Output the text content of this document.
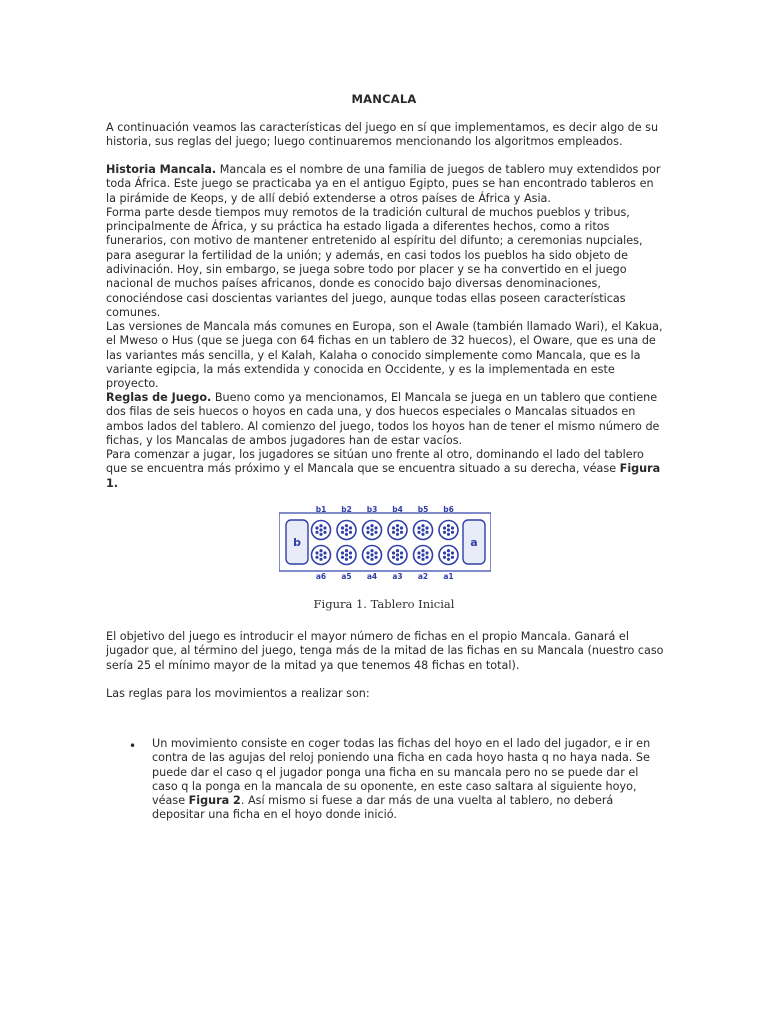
MANCALA

A continuación veamos las características del juego en sí que implementamos, es decir algo de su historia, sus reglas del juego; luego continuaremos mencionando los algoritmos empleados.

Historia Mancala. Mancala es el nombre de una familia de juegos de tablero muy extendidos por toda África. Este juego se practicaba ya en el antiguo Egipto, pues se han encontrado tableros en la pirámide de Keops, y de allí debió extenderse a otros países de África y Asia.
Forma parte desde tiempos muy remotos de la tradición cultural de muchos pueblos y tribus, principalmente de África, y su práctica ha estado ligada a diferentes hechos, como a ritos funerarios, con motivo de mantener entretenido al espíritu del difunto; a ceremonias nupciales, para asegurar la fertilidad de la unión; y además, en casi todos los pueblos ha sido objeto de adivinación. Hoy, sin embargo, se juega sobre todo por placer y se ha convertido en el juego nacional de muchos países africanos, donde es conocido bajo diversas denominaciones, conociéndose casi doscientas variantes del juego, aunque todas ellas poseen características comunes.

Las versiones de Mancala más comunes en Europa, son el Awale (también llamado Wari), el Kakua, el Mweso o Hus (que se juega con 64 fichas en un tablero de 32 huecos), el Oware, que es una de las variantes más sencilla, y el Kalah, Kalaha o conocido simplemente como Mancala, que es la variante egipcia, la más extendida y conocida en Occidente, y es la implementada en este proyecto.

Reglas de Juego. Bueno como ya mencionamos, El Mancala se juega en un tablero que contiene dos filas de seis huecos o hoyos en cada una, y dos huecos especiales o Mancalas situados en ambos lados del tablero. Al comienzo del juego, todos los hoyos han de tener el mismo número de fichas, y los Mancalas de ambos jugadores han de estar vacíos.
Para comenzar a jugar, los jugadores se sitúan uno frente al otro, dominando el lado del tablero que se encuentra más próximo y el Mancala que se encuentra situado a su derecha, véase Figura 1.

b	a
b1 b2 b3 b4 b5 b6
a6 a5 a4 a3 a2 a1
Figura 1. Tablero Inicial

El objetivo del juego es introducir el mayor número de fichas en el propio Mancala. Ganará el jugador que, al término del juego, tenga más de la mitad de las fichas en su Mancala (nuestro caso sería 25 el mínimo mayor de la mitad ya que tenemos 48 fichas en total).

Las reglas para los movimientos a realizar son:

• Un movimiento consiste en coger todas las fichas del hoyo en el lado del jugador, e ir en contra de las agujas del reloj poniendo una ficha en cada hoyo hasta q no haya nada. Se puede dar el caso q el jugador ponga una ficha en su mancala pero no se puede dar el caso q la ponga en la mancala de su oponente, en este caso saltara al siguiente hoyo, véase Figura 2. Así mismo si fuese a dar más de una vuelta al tablero, no deberá depositar una ficha en el hoyo donde inició.
